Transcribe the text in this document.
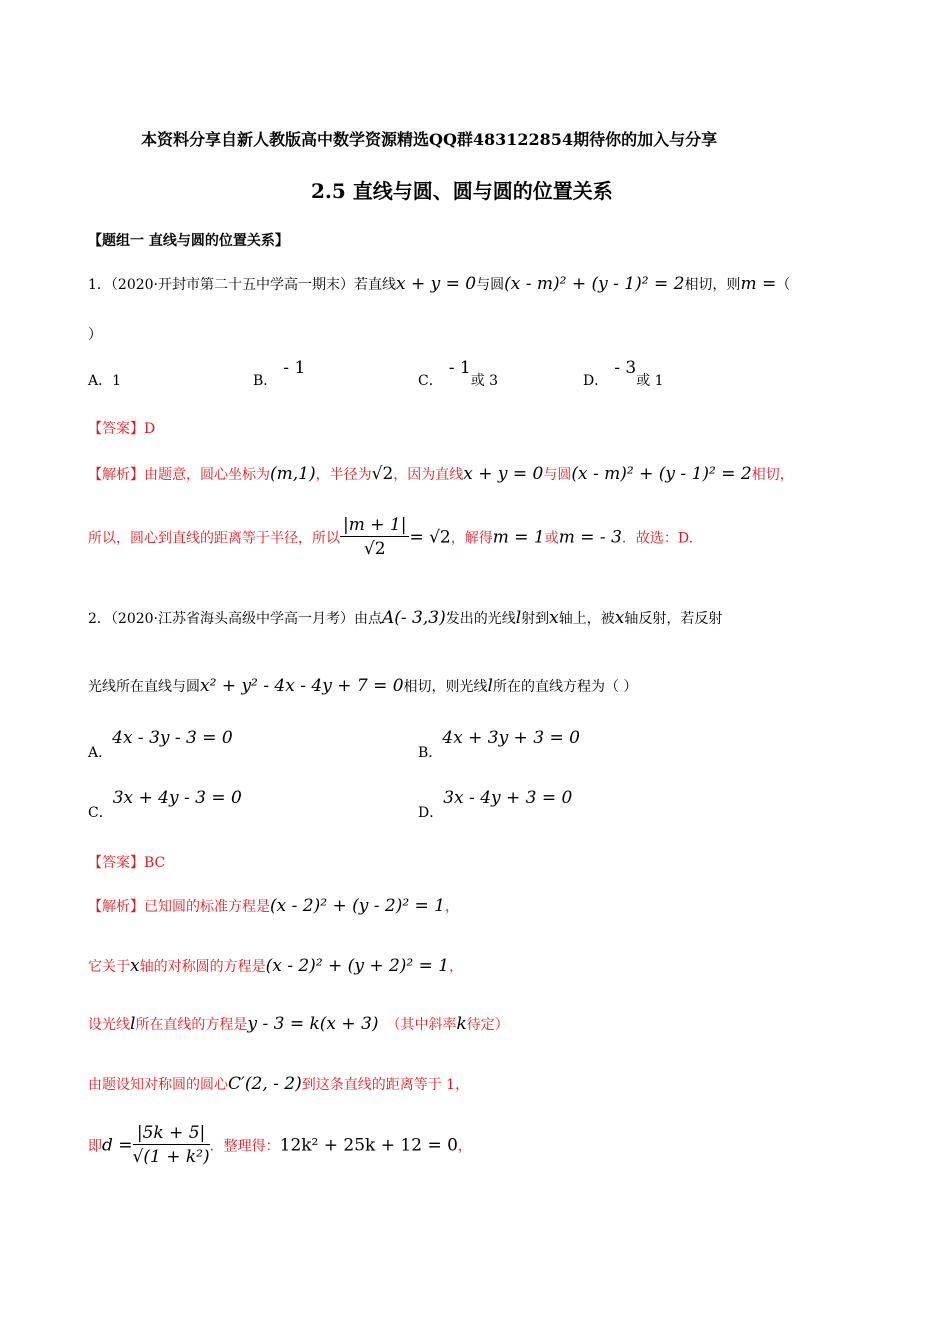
本资料分享自新人教版高中数学资源精选QQ群483122854期待你的加入与分享
2.5 直线与圆、圆与圆的位置关系
【题组一 直线与圆的位置关系】
1．（2020·开封市第二十五中学高一期末）若直线x + y = 0与圆(x - m)² + (y - 1)² = 2相切，则m =（
）
A．1	B．- 1
C．- 1或 3	D．- 3或 1
【答案】D
【解析】由题意，圆心坐标为(m,1)，半径为√2，因为直线x + y = 0与圆(x - m)² + (y - 1)² = 2相切，
所以，圆心到直线的距离等于半径，所以 $\frac{|m + 1|}{√2} = √2$，解得m = 1或m = - 3．故选：D.
2．（2020·江苏省海头高级中学高一月考）由点A(- 3,3)发出的光线l射到x轴上，被x轴反射，若反射
光线所在直线与圆x² + y² - 4x - 4y + 7 = 0相切，则光线l所在的直线方程为（ ）
A．4x - 3y - 3 = 0
B．4x + 3y + 3 = 0
C．3x + 4y - 3 = 0
D．3x - 4y + 3 = 0
【答案】BC
【解析】已知圆的标准方程是(x - 2)² + (y - 2)² = 1，
它关于x轴的对称圆的方程是(x - 2)² + (y + 2)² = 1，
设光线l所在直线的方程是y - 3 = k(x + 3) （其中斜率k待定）
由题设知对称圆的圆心C′(2, - 2)到这条直线的距离等于 1，
即$d = \frac{|5k + 5|}{\text{√(1 + k²)}}$ ．整理得：12k² + 25k + 12 = 0，
